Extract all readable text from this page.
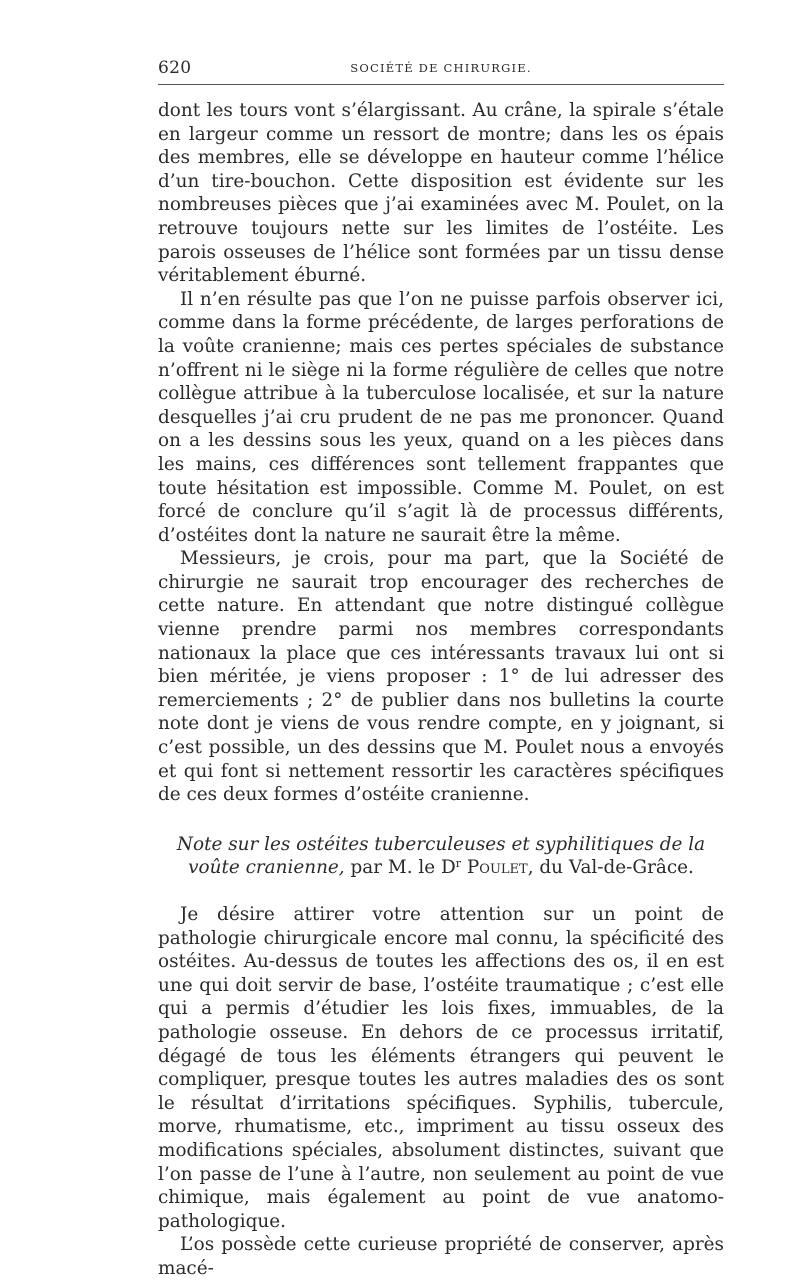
620	SOCIÉTÉ DE CHIRURGIE.

dont les tours vont s’élargissant. Au crâne, la spirale s’étale en largeur comme un ressort de montre; dans les os épais des membres, elle se développe en hauteur comme l’hélice d’un tire-bouchon. Cette disposition est évidente sur les nombreuses pièces que j’ai examinées avec M. Poulet, on la retrouve toujours nette sur les limites de l’ostéite. Les parois osseuses de l’hélice sont formées par un tissu dense véritablement éburné.

Il n’en résulte pas que l’on ne puisse parfois observer ici, comme dans la forme précédente, de larges perforations de la voûte cranienne; mais ces pertes spéciales de substance n’offrent ni le siège ni la forme régulière de celles que notre collègue attribue à la tuberculose localisée, et sur la nature desquelles j’ai cru prudent de ne pas me prononcer. Quand on a les dessins sous les yeux, quand on a les pièces dans les mains, ces différences sont tellement frappantes que toute hésitation est impossible. Comme M. Poulet, on est forcé de conclure qu’il s’agit là de processus différents, d’ostéites dont la nature ne saurait être la même.

Messieurs, je crois, pour ma part, que la Société de chirurgie ne saurait trop encourager des recherches de cette nature. En attendant que notre distingué collègue vienne prendre parmi nos membres correspondants nationaux la place que ces intéressants travaux lui ont si bien méritée, je viens proposer : 1° de lui adresser des remerciements ; 2° de publier dans nos bulletins la courte note dont je viens de vous rendre compte, en y joignant, si c’est possible, un des dessins que M. Poulet nous a envoyés et qui font si nettement ressortir les caractères spécifiques de ces deux formes d’ostéite cranienne.

Note sur les ostéites tuberculeuses et syphilitiques de la voûte cranienne, par M. le $D^r$ Poulet, du Val-de-Grâce.

Je désire attirer votre attention sur un point de pathologie chirurgicale encore mal connu, la spécificité des ostéites. Au-dessus de toutes les affections des os, il en est une qui doit servir de base, l’ostéite traumatique ; c’est elle qui a permis d’étudier les lois fixes, immuables, de la pathologie osseuse. En dehors de ce processus irritatif, dégagé de tous les éléments étrangers qui peuvent le compliquer, presque toutes les autres maladies des os sont le résultat d’irritations spécifiques. Syphilis, tubercule, morve, rhumatisme, etc., impriment au tissu osseux des modifications spéciales, absolument distinctes, suivant que l’on passe de l’une à l’autre, non seulement au point de vue chimique, mais également au point de vue anatomo-pathologique.

L’os possède cette curieuse propriété de conserver, après macé-
